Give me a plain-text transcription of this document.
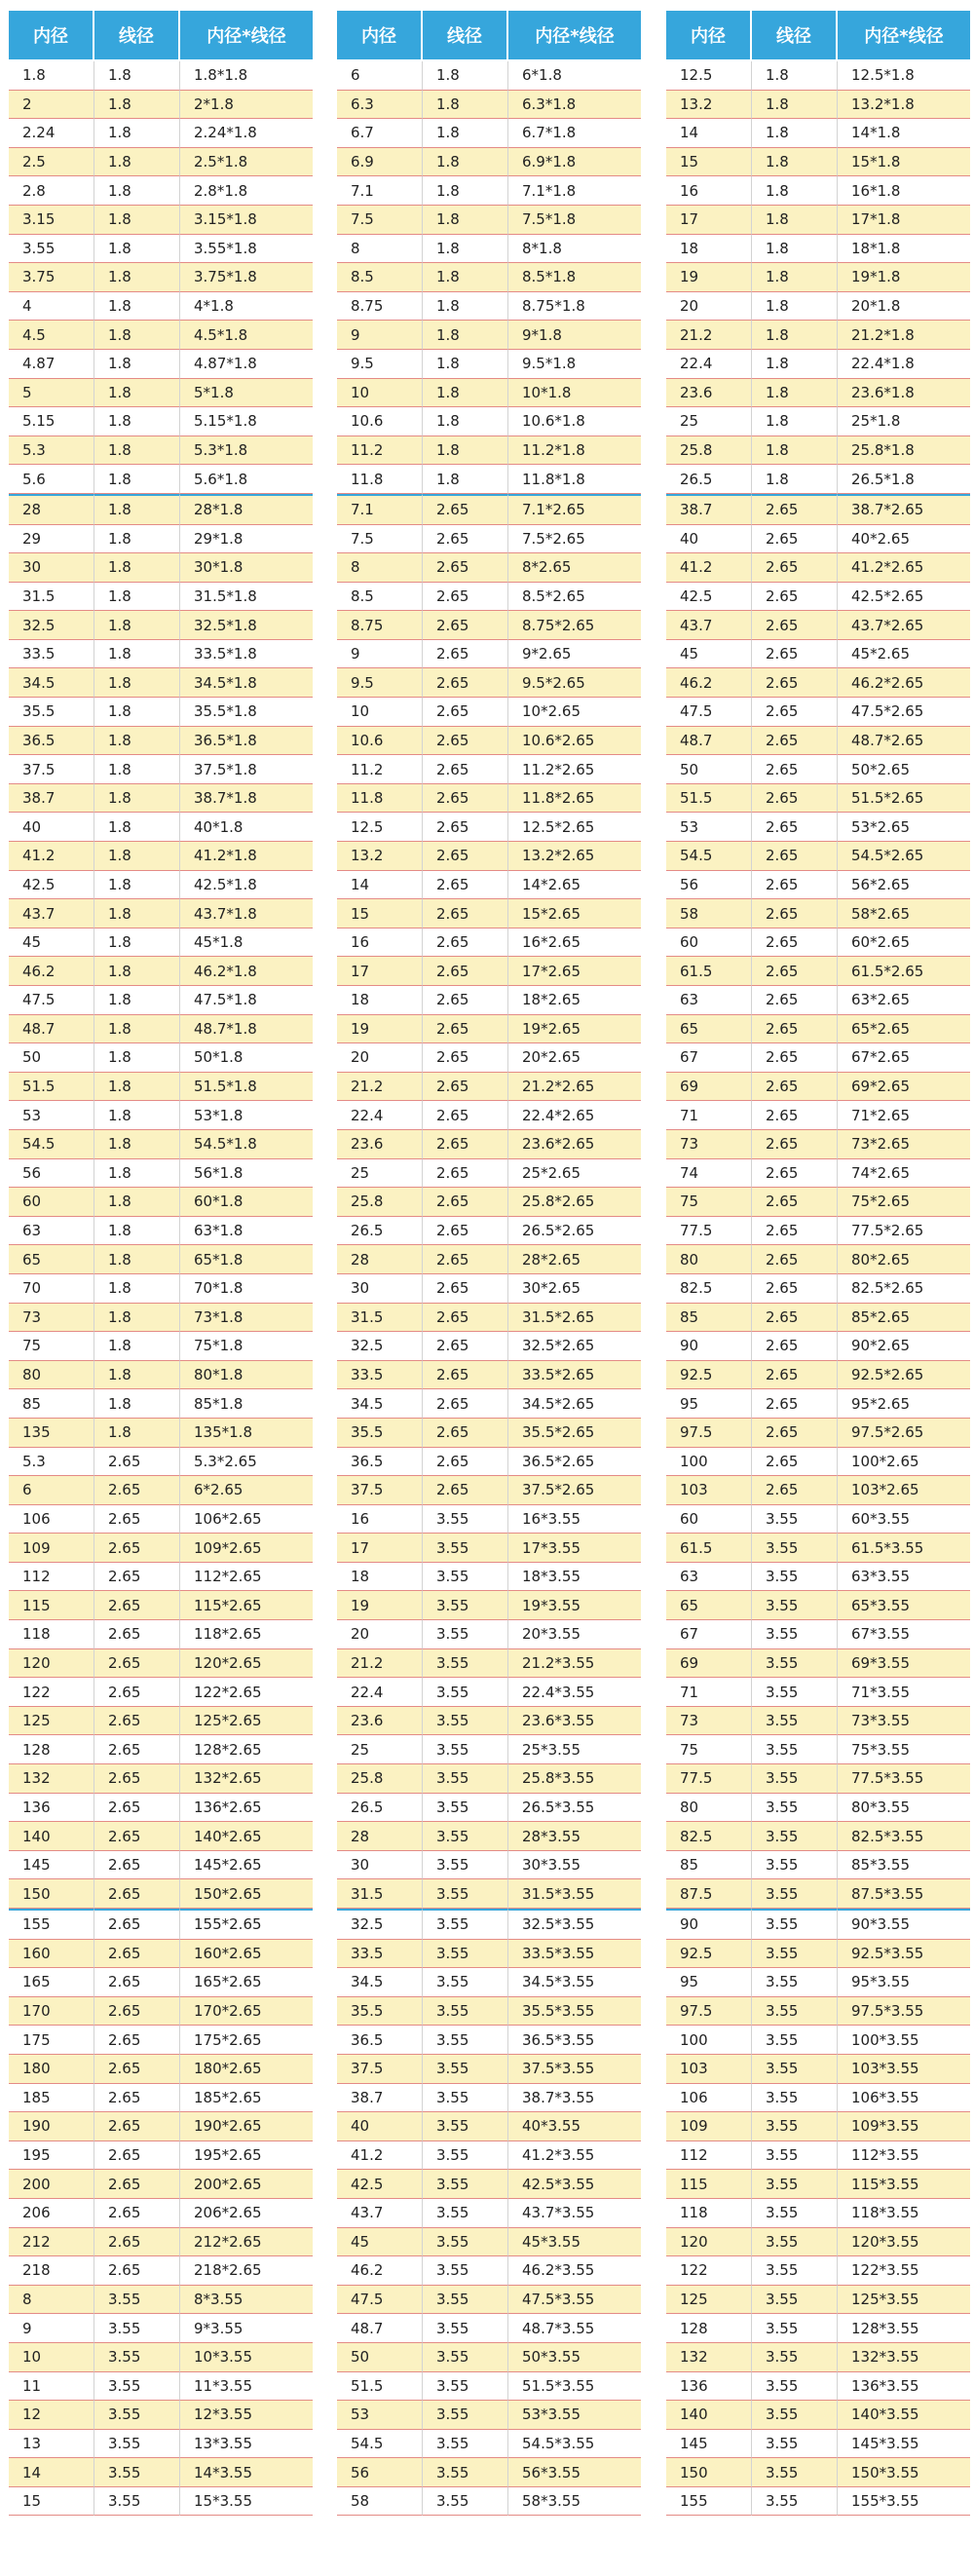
内径	线径	内径*线径
1.8	1.8	1.8*1.8
2	1.8	2*1.8
2.24	1.8	2.24*1.8
2.5	1.8	2.5*1.8
2.8	1.8	2.8*1.8
3.15	1.8	3.15*1.8
3.55	1.8	3.55*1.8
3.75	1.8	3.75*1.8
4	1.8	4*1.8
4.5	1.8	4.5*1.8
4.87	1.8	4.87*1.8
5	1.8	5*1.8
5.15	1.8	5.15*1.8
5.3	1.8	5.3*1.8
5.6	1.8	5.6*1.8
28	1.8	28*1.8
29	1.8	29*1.8
30	1.8	30*1.8
31.5	1.8	31.5*1.8
32.5	1.8	32.5*1.8
33.5	1.8	33.5*1.8
34.5	1.8	34.5*1.8
35.5	1.8	35.5*1.8
36.5	1.8	36.5*1.8
37.5	1.8	37.5*1.8
38.7	1.8	38.7*1.8
40	1.8	40*1.8
41.2	1.8	41.2*1.8
42.5	1.8	42.5*1.8
43.7	1.8	43.7*1.8
45	1.8	45*1.8
46.2	1.8	46.2*1.8
47.5	1.8	47.5*1.8
48.7	1.8	48.7*1.8
50	1.8	50*1.8
51.5	1.8	51.5*1.8
53	1.8	53*1.8
54.5	1.8	54.5*1.8
56	1.8	56*1.8
60	1.8	60*1.8
63	1.8	63*1.8
65	1.8	65*1.8
70	1.8	70*1.8
73	1.8	73*1.8
75	1.8	75*1.8
80	1.8	80*1.8
85	1.8	85*1.8
135	1.8	135*1.8
5.3	2.65	5.3*2.65
6	2.65	6*2.65
106	2.65	106*2.65
109	2.65	109*2.65
112	2.65	112*2.65
115	2.65	115*2.65
118	2.65	118*2.65
120	2.65	120*2.65
122	2.65	122*2.65
125	2.65	125*2.65
128	2.65	128*2.65
132	2.65	132*2.65
136	2.65	136*2.65
140	2.65	140*2.65
145	2.65	145*2.65
150	2.65	150*2.65
155	2.65	155*2.65
160	2.65	160*2.65
165	2.65	165*2.65
170	2.65	170*2.65
175	2.65	175*2.65
180	2.65	180*2.65
185	2.65	185*2.65
190	2.65	190*2.65
195	2.65	195*2.65
200	2.65	200*2.65
206	2.65	206*2.65
212	2.65	212*2.65
218	2.65	218*2.65
8	3.55	8*3.55
9	3.55	9*3.55
10	3.55	10*3.55
11	3.55	11*3.55
12	3.55	12*3.55
13	3.55	13*3.55
14	3.55	14*3.55
15	3.55	15*3.55
内径	线径	内径*线径
6	1.8	6*1.8
6.3	1.8	6.3*1.8
6.7	1.8	6.7*1.8
6.9	1.8	6.9*1.8
7.1	1.8	7.1*1.8
7.5	1.8	7.5*1.8
8	1.8	8*1.8
8.5	1.8	8.5*1.8
8.75	1.8	8.75*1.8
9	1.8	9*1.8
9.5	1.8	9.5*1.8
10	1.8	10*1.8
10.6	1.8	10.6*1.8
11.2	1.8	11.2*1.8
11.8	1.8	11.8*1.8
7.1	2.65	7.1*2.65
7.5	2.65	7.5*2.65
8	2.65	8*2.65
8.5	2.65	8.5*2.65
8.75	2.65	8.75*2.65
9	2.65	9*2.65
9.5	2.65	9.5*2.65
10	2.65	10*2.65
10.6	2.65	10.6*2.65
11.2	2.65	11.2*2.65
11.8	2.65	11.8*2.65
12.5	2.65	12.5*2.65
13.2	2.65	13.2*2.65
14	2.65	14*2.65
15	2.65	15*2.65
16	2.65	16*2.65
17	2.65	17*2.65
18	2.65	18*2.65
19	2.65	19*2.65
20	2.65	20*2.65
21.2	2.65	21.2*2.65
22.4	2.65	22.4*2.65
23.6	2.65	23.6*2.65
25	2.65	25*2.65
25.8	2.65	25.8*2.65
26.5	2.65	26.5*2.65
28	2.65	28*2.65
30	2.65	30*2.65
31.5	2.65	31.5*2.65
32.5	2.65	32.5*2.65
33.5	2.65	33.5*2.65
34.5	2.65	34.5*2.65
35.5	2.65	35.5*2.65
36.5	2.65	36.5*2.65
37.5	2.65	37.5*2.65
16	3.55	16*3.55
17	3.55	17*3.55
18	3.55	18*3.55
19	3.55	19*3.55
20	3.55	20*3.55
21.2	3.55	21.2*3.55
22.4	3.55	22.4*3.55
23.6	3.55	23.6*3.55
25	3.55	25*3.55
25.8	3.55	25.8*3.55
26.5	3.55	26.5*3.55
28	3.55	28*3.55
30	3.55	30*3.55
31.5	3.55	31.5*3.55
32.5	3.55	32.5*3.55
33.5	3.55	33.5*3.55
34.5	3.55	34.5*3.55
35.5	3.55	35.5*3.55
36.5	3.55	36.5*3.55
37.5	3.55	37.5*3.55
38.7	3.55	38.7*3.55
40	3.55	40*3.55
41.2	3.55	41.2*3.55
42.5	3.55	42.5*3.55
43.7	3.55	43.7*3.55
45	3.55	45*3.55
46.2	3.55	46.2*3.55
47.5	3.55	47.5*3.55
48.7	3.55	48.7*3.55
50	3.55	50*3.55
51.5	3.55	51.5*3.55
53	3.55	53*3.55
54.5	3.55	54.5*3.55
56	3.55	56*3.55
58	3.55	58*3.55
内径	线径	内径*线径
12.5	1.8	12.5*1.8
13.2	1.8	13.2*1.8
14	1.8	14*1.8
15	1.8	15*1.8
16	1.8	16*1.8
17	1.8	17*1.8
18	1.8	18*1.8
19	1.8	19*1.8
20	1.8	20*1.8
21.2	1.8	21.2*1.8
22.4	1.8	22.4*1.8
23.6	1.8	23.6*1.8
25	1.8	25*1.8
25.8	1.8	25.8*1.8
26.5	1.8	26.5*1.8
38.7	2.65	38.7*2.65
40	2.65	40*2.65
41.2	2.65	41.2*2.65
42.5	2.65	42.5*2.65
43.7	2.65	43.7*2.65
45	2.65	45*2.65
46.2	2.65	46.2*2.65
47.5	2.65	47.5*2.65
48.7	2.65	48.7*2.65
50	2.65	50*2.65
51.5	2.65	51.5*2.65
53	2.65	53*2.65
54.5	2.65	54.5*2.65
56	2.65	56*2.65
58	2.65	58*2.65
60	2.65	60*2.65
61.5	2.65	61.5*2.65
63	2.65	63*2.65
65	2.65	65*2.65
67	2.65	67*2.65
69	2.65	69*2.65
71	2.65	71*2.65
73	2.65	73*2.65
74	2.65	74*2.65
75	2.65	75*2.65
77.5	2.65	77.5*2.65
80	2.65	80*2.65
82.5	2.65	82.5*2.65
85	2.65	85*2.65
90	2.65	90*2.65
92.5	2.65	92.5*2.65
95	2.65	95*2.65
97.5	2.65	97.5*2.65
100	2.65	100*2.65
103	2.65	103*2.65
60	3.55	60*3.55
61.5	3.55	61.5*3.55
63	3.55	63*3.55
65	3.55	65*3.55
67	3.55	67*3.55
69	3.55	69*3.55
71	3.55	71*3.55
73	3.55	73*3.55
75	3.55	75*3.55
77.5	3.55	77.5*3.55
80	3.55	80*3.55
82.5	3.55	82.5*3.55
85	3.55	85*3.55
87.5	3.55	87.5*3.55
90	3.55	90*3.55
92.5	3.55	92.5*3.55
95	3.55	95*3.55
97.5	3.55	97.5*3.55
100	3.55	100*3.55
103	3.55	103*3.55
106	3.55	106*3.55
109	3.55	109*3.55
112	3.55	112*3.55
115	3.55	115*3.55
118	3.55	118*3.55
120	3.55	120*3.55
122	3.55	122*3.55
125	3.55	125*3.55
128	3.55	128*3.55
132	3.55	132*3.55
136	3.55	136*3.55
140	3.55	140*3.55
145	3.55	145*3.55
150	3.55	150*3.55
155	3.55	155*3.55
